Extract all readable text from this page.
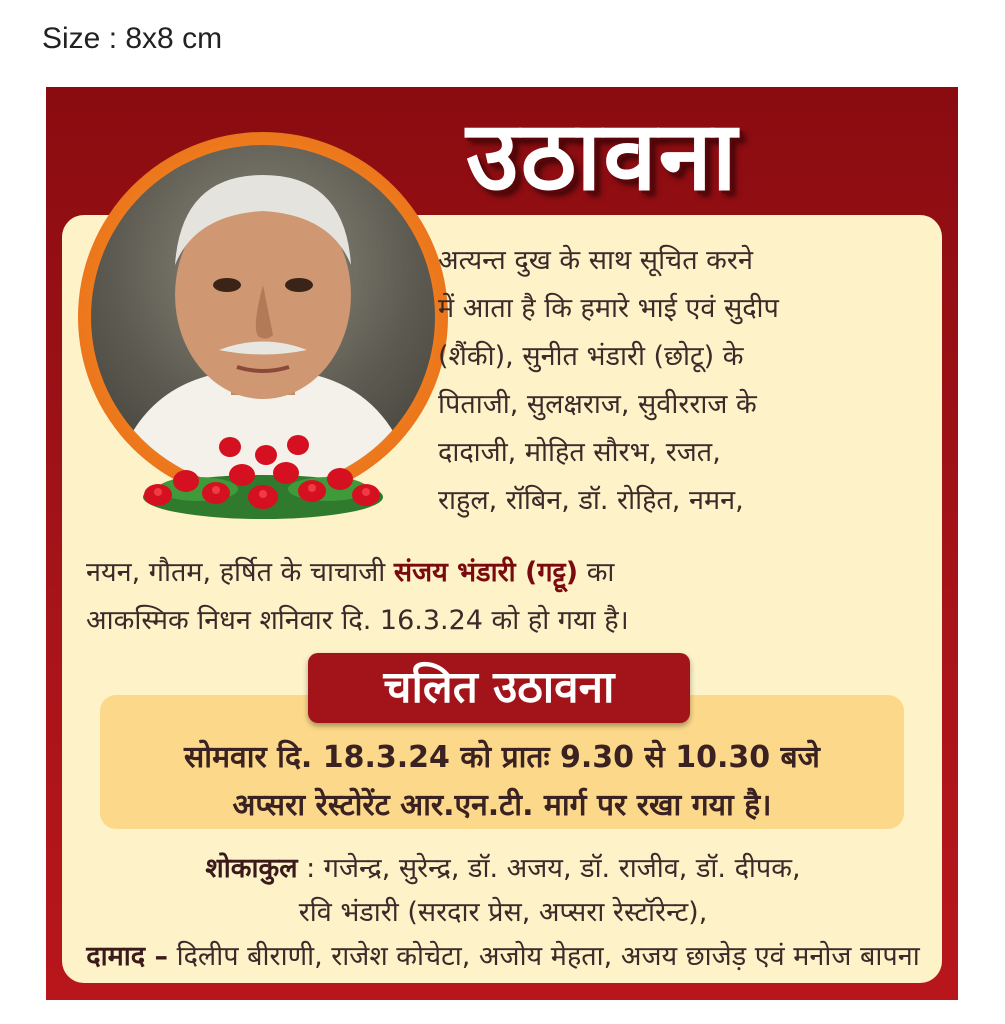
Size : 8x8 cm
उठावना
अत्यन्त दुख के साथ सूचित करने
में आता है कि हमारे भाई एवं सुदीप
(शैंकी), सुनीत भंडारी (छोटू) के
पिताजी, सुलक्षराज, सुवीरराज के
दादाजी, मोहित सौरभ, रजत,
राहुल, रॉबिन, डॉ. रोहित, नमन,
नयन, गौतम, हर्षित के चाचाजी संजय भंडारी (गट्टू) का
आकस्मिक निधन शनिवार दि. 16.3.24 को हो गया है।
सोमवार दि. 18.3.24 को प्रातः 9.30 से 10.30 बजे
अप्सरा रेस्टोरेंट आर.एन.टी. मार्ग पर रखा गया है।
चलित उठावना
शोकाकुल : गजेन्द्र, सुरेन्द्र, डॉ. अजय, डॉ. राजीव, डॉ. दीपक,
रवि भंडारी (सरदार प्रेस, अप्सरा रेस्टॉरेन्ट),
दामाद – दिलीप बीराणी, राजेश कोचेटा, अजोय मेहता, अजय छाजेड़ एवं मनोज बापना
